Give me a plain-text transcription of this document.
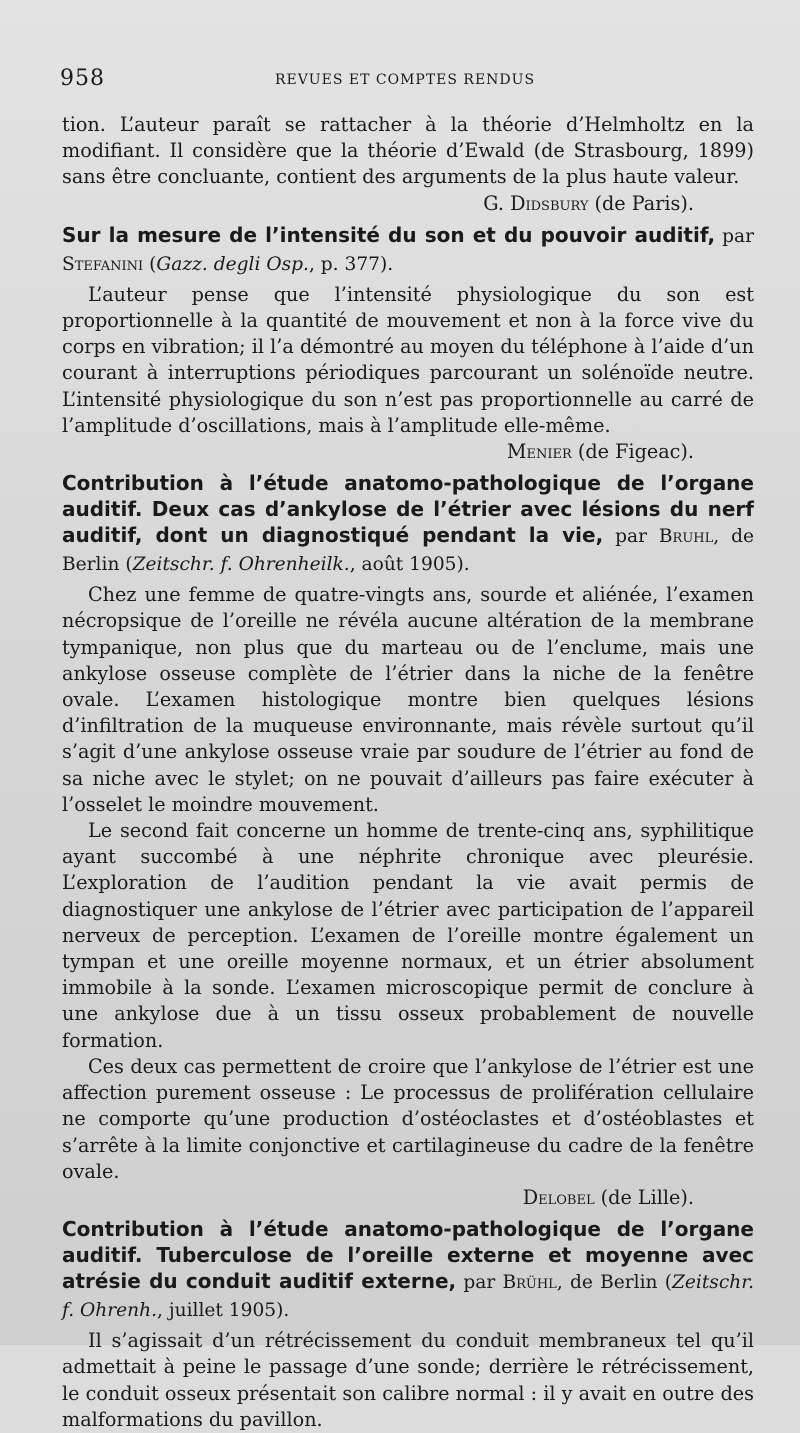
958	REVUES ET COMPTES RENDUS

tion. L’auteur paraît se rattacher à la théorie d’Helmholtz en la modifiant. Il considère que la théorie d’Ewald (de Strasbourg, 1899) sans être concluante, contient des arguments de la plus haute valeur.

G. Didsbury (de Paris).

Sur la mesure de l’intensité du son et du pouvoir auditif, par Stefanini (Gazz. degli Osp., p. 377).

L’auteur pense que l’intensité physiologique du son est proportionnelle à la quantité de mouvement et non à la force vive du corps en vibration; il l’a démontré au moyen du téléphone à l’aide d’un courant à interruptions périodiques parcourant un solénoïde neutre. L’intensité physiologique du son n’est pas proportionnelle au carré de l’amplitude d’oscillations, mais à l’amplitude elle-même.

Menier (de Figeac).

Contribution à l’étude anatomo-pathologique de l’organe auditif. Deux cas d’ankylose de l’étrier avec lésions du nerf auditif, dont un diagnostiqué pendant la vie, par Bruhl, de Berlin (Zeitschr. f. Ohrenheilk., août 1905).

Chez une femme de quatre-vingts ans, sourde et aliénée, l’examen nécropsique de l’oreille ne révéla aucune altération de la membrane tympanique, non plus que du marteau ou de l’enclume, mais une ankylose osseuse complète de l’étrier dans la niche de la fenêtre ovale. L’examen histologique montre bien quelques lésions d’infiltration de la muqueuse environnante, mais révèle surtout qu’il s’agit d’une ankylose osseuse vraie par soudure de l’étrier au fond de sa niche avec le stylet; on ne pouvait d’ailleurs pas faire exécuter à l’osselet le moindre mouvement.

Le second fait concerne un homme de trente-cinq ans, syphilitique ayant succombé à une néphrite chronique avec pleurésie. L’exploration de l’audition pendant la vie avait permis de diagnostiquer une ankylose de l’étrier avec participation de l’appareil nerveux de perception. L’examen de l’oreille montre également un tympan et une oreille moyenne normaux, et un étrier absolument immobile à la sonde. L’examen microscopique permit de conclure à une ankylose due à un tissu osseux probablement de nouvelle formation.

Ces deux cas permettent de croire que l’ankylose de l’étrier est une affection purement osseuse : Le processus de prolifération cellulaire ne comporte qu’une production d’ostéoclastes et d’ostéoblastes et s’arrête à la limite conjonctive et cartilagineuse du cadre de la fenêtre ovale.

Delobel (de Lille).

Contribution à l’étude anatomo-pathologique de l’organe auditif. Tuberculose de l’oreille externe et moyenne avec atrésie du conduit auditif externe, par Brühl, de Berlin (Zeitschr. f. Ohrenh., juillet 1905).

Il s’agissait d’un rétrécissement du conduit membraneux tel qu’il admettait à peine le passage d’une sonde; derrière le rétrécissement, le conduit osseux présentait son calibre normal : il y avait en outre des malformations du pavillon.
